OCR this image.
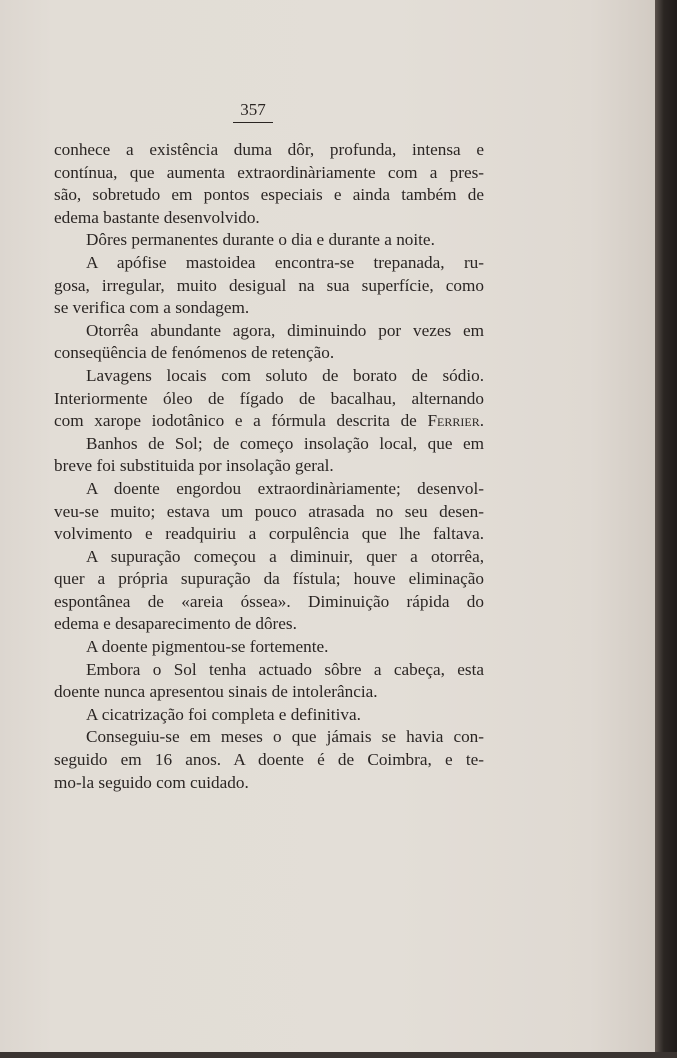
357
conhece a existência duma dôr, profunda, intensa e
contínua, que aumenta extraordinàriamente com a pres-
são, sobretudo em pontos especiais e ainda também de
edema bastante desenvolvido.
Dôres permanentes durante o dia e durante a noite.
A apófise mastoidea encontra-se trepanada, ru-
gosa, irregular, muito desigual na sua superfície, como
se verifica com a sondagem.
Otorrêa abundante agora, diminuindo por vezes em
conseqüência de fenómenos de retenção.
Lavagens locais com soluto de borato de sódio.
Interiormente óleo de fígado de bacalhau, alternando
com xarope iodotânico e a fórmula descrita de Ferrier.
Banhos de Sol; de começo insolação local, que em
breve foi substituida por insolação geral.
A doente engordou extraordinàriamente; desenvol-
veu-se muito; estava um pouco atrasada no seu desen-
volvimento e readquiriu a corpulência que lhe faltava.
A supuração começou a diminuir, quer a otorrêa,
quer a própria supuração da fístula; houve eliminação
espontânea de «areia óssea». Diminuição rápida do
edema e desaparecimento de dôres.
A doente pigmentou-se fortemente.
Embora o Sol tenha actuado sôbre a cabeça, esta
doente nunca apresentou sinais de intolerância.
A cicatrização foi completa e definitiva.
Conseguiu-se em meses o que jámais se havia con-
seguido em 16 anos. A doente é de Coimbra, e te-
mo-la seguido com cuidado.
